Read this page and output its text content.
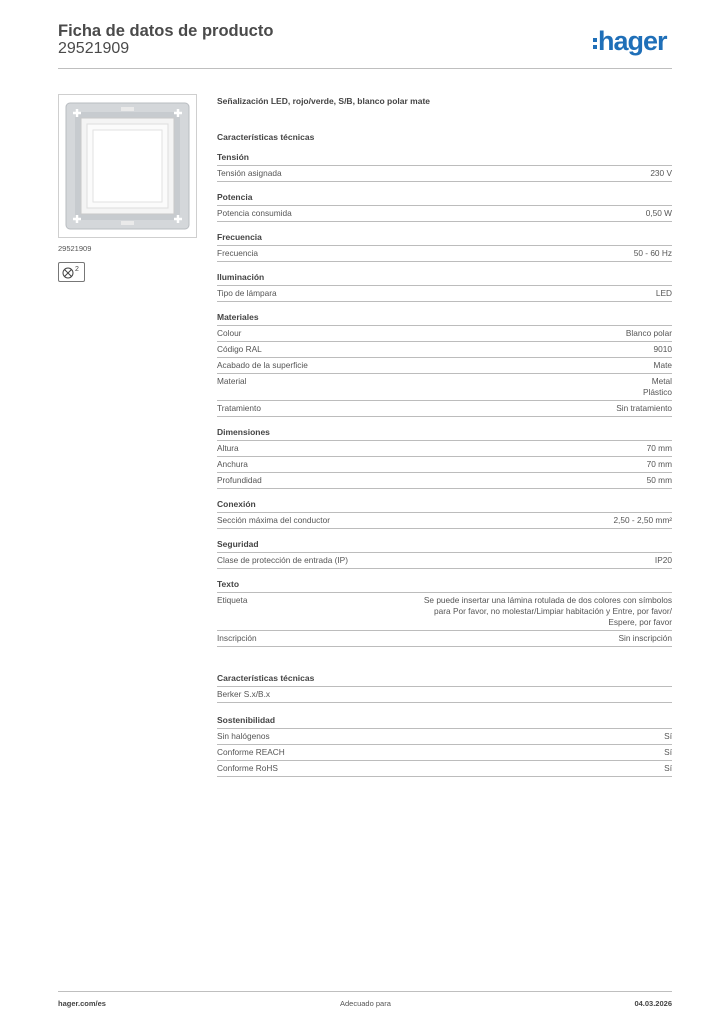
Ficha de datos de producto
29521909	hager
29521909
2
Señalización LED, rojo/verde, S/B, blanco polar mate
Características técnicas
Tensión
Tensión asignada	230 V
Potencia
Potencia consumida	0,50 W
Frecuencia
Frecuencia	50 - 60 Hz
Iluminación
Tipo de lámpara	LED
Materiales
Colour	Blanco polar
Código RAL	9010
Acabado de la superficie	Mate
Material	Metal
Plástico
Tratamiento	Sin tratamiento
Dimensiones
Altura	70 mm
Anchura	70 mm
Profundidad	50 mm
Conexión
Sección máxima del conductor	2,50 - 2,50 mm²
Seguridad
Clase de protección de entrada (IP)	IP20
Texto
Etiqueta	Se puede insertar una lámina rotulada de dos colores con símbolos
para Por favor, no molestar/Limpiar habitación y Entre, por favor/
Espere, por favor
Inscripción	Sin inscripción
Características técnicas
Berker S.x/B.x
Sostenibilidad
Sin halógenos	Sí
Conforme REACH	Sí
Conforme RoHS	Sí
hager.com/es	Adecuado para	04.03.2026
